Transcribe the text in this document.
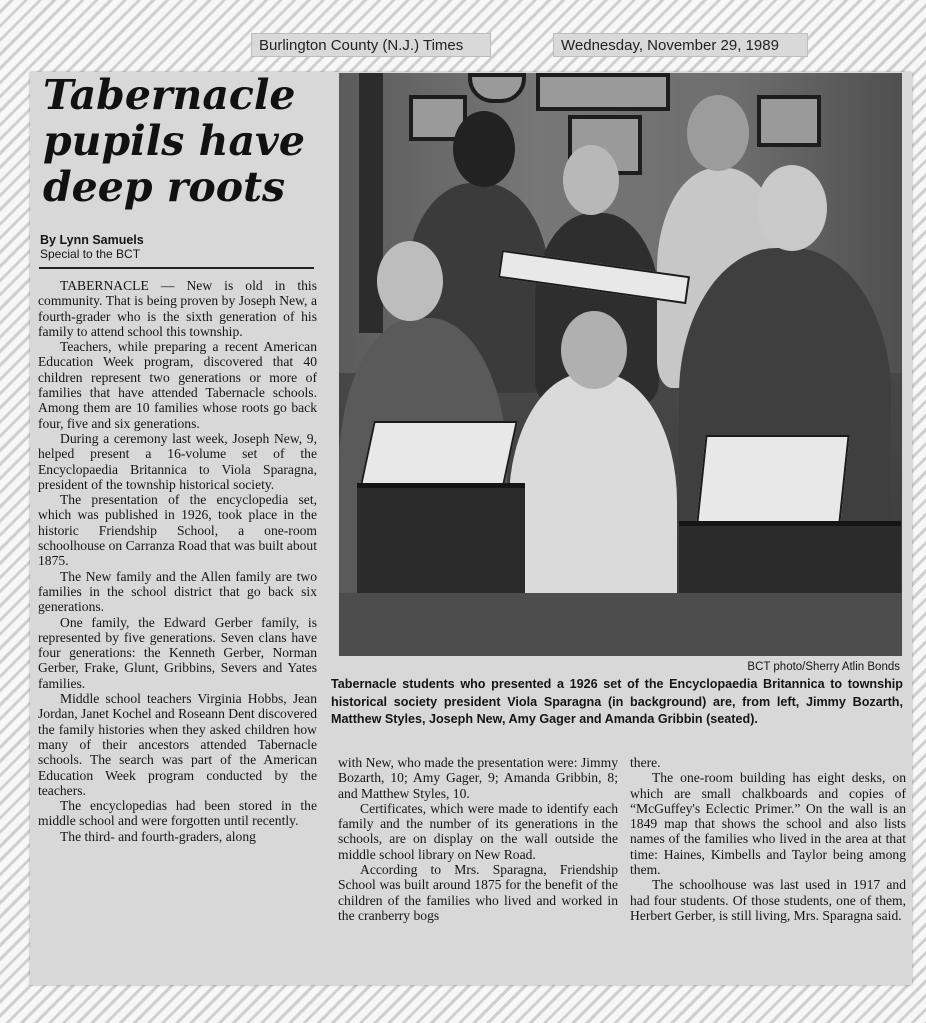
Burlington County (N.J.) Times	Wednesday, November 29, 1989
Tabernacle pupils have deep roots
By Lynn Samuels
Special to the BCT

TABERNACLE — New is old in this community. That is being proven by Joseph New, a fourth-grader who is the sixth generation of his family to attend school this township.

Teachers, while preparing a recent American Education Week program, discovered that 40 children represent two generations or more of families that have attended Tabernacle schools. Among them are 10 families whose roots go back four, five and six generations.

During a ceremony last week, Joseph New, 9, helped present a 16-volume set of the Encyclopaedia Britannica to Viola Sparagna, president of the township historical society.

The presentation of the encyclopedia set, which was published in 1926, took place in the historic Friendship School, a one-room schoolhouse on Carranza Road that was built about 1875.

The New family and the Allen family are two families in the school district that go back six generations.

One family, the Edward Gerber family, is represented by five generations. Seven clans have four generations: the Kenneth Gerber, Norman Gerber, Frake, Glunt, Gribbins, Severs and Yates families.

Middle school teachers Virginia Hobbs, Jean Jordan, Janet Kochel and Roseann Dent discovered the family histories when they asked children how many of their ancestors attended Tabernacle schools. The search was part of the American Education Week program conducted by the teachers.

The encyclopedias had been stored in the middle school and were forgotten until recently.

The third- and fourth-graders, along

BCT photo/Sherry Atlin Bonds
Tabernacle students who presented a 1926 set of the Encyclopaedia Britannica to township historical society president Viola Sparagna (in background) are, from left, Jimmy Bozarth, Matthew Styles, Joseph New, Amy Gager and Amanda Gribbin (seated).

with New, who made the presentation were: Jimmy Bozarth, 10; Amy Gager, 9; Amanda Gribbin, 8; and Matthew Styles, 10.

Certificates, which were made to identify each family and the number of its generations in the schools, are on display on the wall outside the middle school library on New Road.

According to Mrs. Sparagna, Friendship School was built around 1875 for the benefit of the children of the families who lived and worked in the cranberry bogs

there.

The one-room building has eight desks, on which are small chalkboards and copies of “McGuffey's Eclectic Primer.” On the wall is an 1849 map that shows the school and also lists names of the families who lived in the area at that time: Haines, Kimbells and Taylor being among them.

The schoolhouse was last used in 1917 and had four students. Of those students, one of them, Herbert Gerber, is still living, Mrs. Sparagna said.
